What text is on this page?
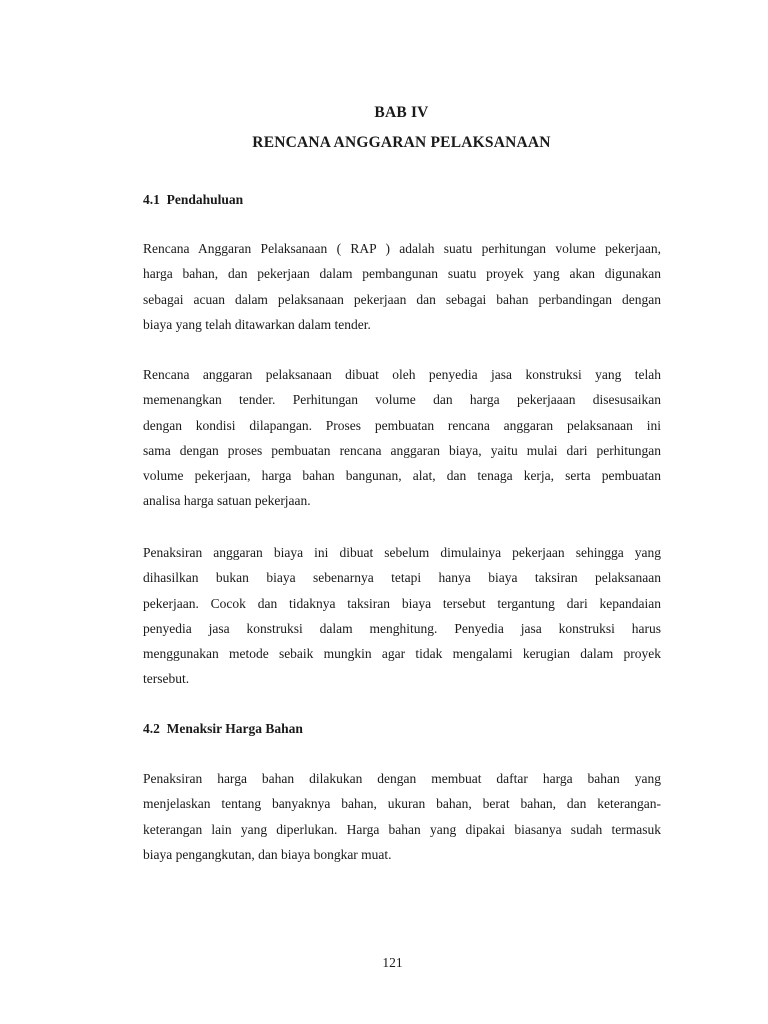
BAB IV
RENCANA ANGGARAN PELAKSANAAN
4.1  Pendahuluan

Rencana Anggaran Pelaksanaan ( RAP ) adalah suatu perhitungan volume pekerjaan,
harga bahan, dan pekerjaan dalam pembangunan suatu proyek yang akan digunakan
sebagai acuan dalam pelaksanaan pekerjaan dan sebagai bahan perbandingan dengan
biaya yang telah ditawarkan dalam tender.

Rencana anggaran pelaksanaan dibuat oleh penyedia jasa konstruksi yang telah
memenangkan tender. Perhitungan volume dan harga pekerjaaan disesusaikan
dengan kondisi dilapangan. Proses pembuatan rencana anggaran pelaksanaan ini
sama dengan proses pembuatan rencana anggaran biaya, yaitu mulai dari perhitungan
volume pekerjaan, harga bahan bangunan, alat, dan tenaga kerja, serta pembuatan
analisa harga satuan pekerjaan.

Penaksiran anggaran biaya ini dibuat sebelum dimulainya pekerjaan sehingga yang
dihasilkan bukan biaya sebenarnya tetapi hanya biaya taksiran pelaksanaan
pekerjaan. Cocok dan tidaknya taksiran biaya tersebut tergantung dari kepandaian
penyedia jasa konstruksi dalam menghitung. Penyedia jasa konstruksi harus
menggunakan metode sebaik mungkin agar tidak mengalami kerugian dalam proyek
tersebut.

4.2  Menaksir Harga Bahan

Penaksiran harga bahan dilakukan dengan membuat daftar harga bahan yang
menjelaskan tentang banyaknya bahan, ukuran bahan, berat bahan, dan keterangan-
keterangan lain yang diperlukan. Harga bahan yang dipakai biasanya sudah termasuk
biaya pengangkutan, dan biaya bongkar muat.

121
